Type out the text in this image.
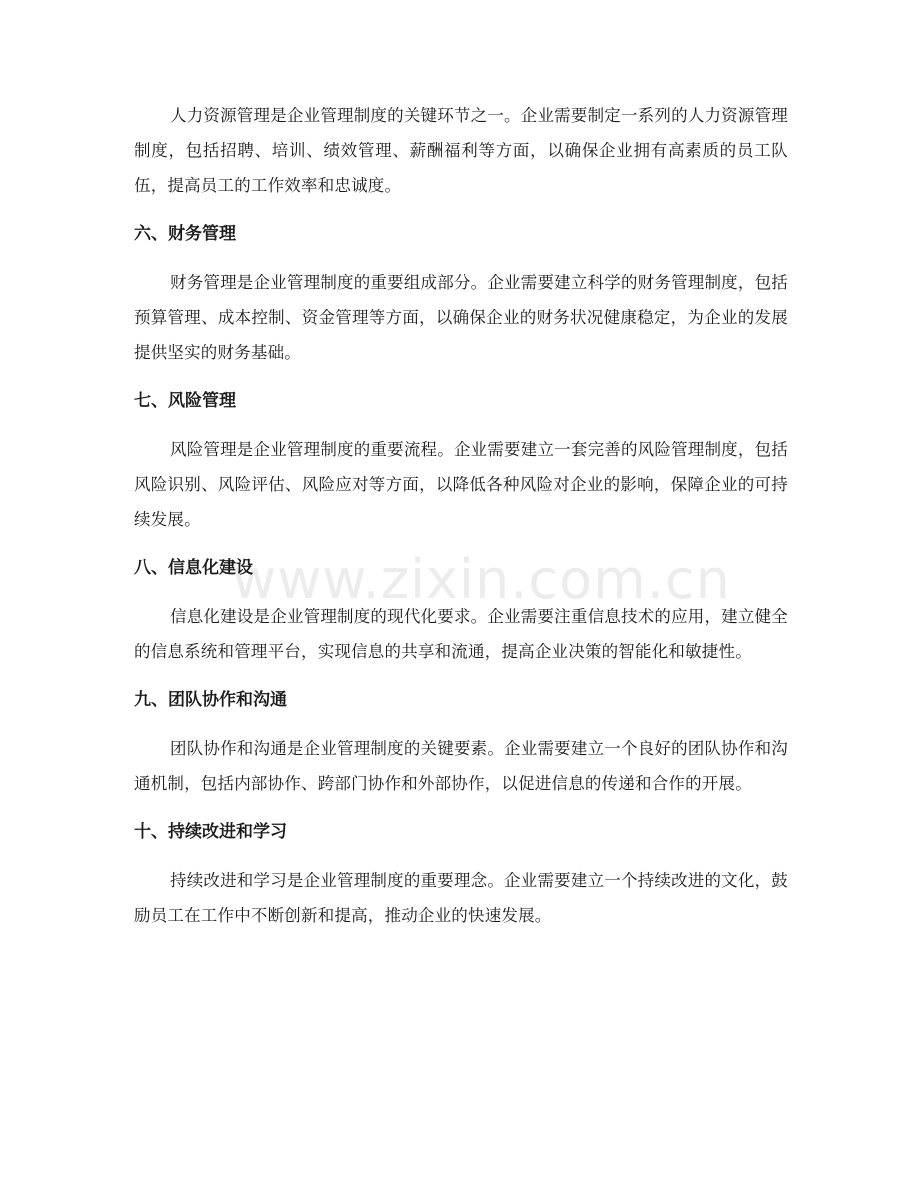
人力资源管理是企业管理制度的关键环节之一。企业需要制定一系列的人力资源管理制度，包括招聘、培训、绩效管理、薪酬福利等方面，以确保企业拥有高素质的员工队伍，提高员工的工作效率和忠诚度。

六、财务管理

财务管理是企业管理制度的重要组成部分。企业需要建立科学的财务管理制度，包括预算管理、成本控制、资金管理等方面，以确保企业的财务状况健康稳定，为企业的发展提供坚实的财务基础。

七、风险管理

风险管理是企业管理制度的重要流程。企业需要建立一套完善的风险管理制度，包括风险识别、风险评估、风险应对等方面，以降低各种风险对企业的影响，保障企业的可持续发展。

八、信息化建设

信息化建设是企业管理制度的现代化要求。企业需要注重信息技术的应用，建立健全的信息系统和管理平台，实现信息的共享和流通，提高企业决策的智能化和敏捷性。

九、团队协作和沟通

团队协作和沟通是企业管理制度的关键要素。企业需要建立一个良好的团队协作和沟通机制，包括内部协作、跨部门协作和外部协作，以促进信息的传递和合作的开展。

十、持续改进和学习

持续改进和学习是企业管理制度的重要理念。企业需要建立一个持续改进的文化，鼓励员工在工作中不断创新和提高，推动企业的快速发展。

www.zixin.com.cn
